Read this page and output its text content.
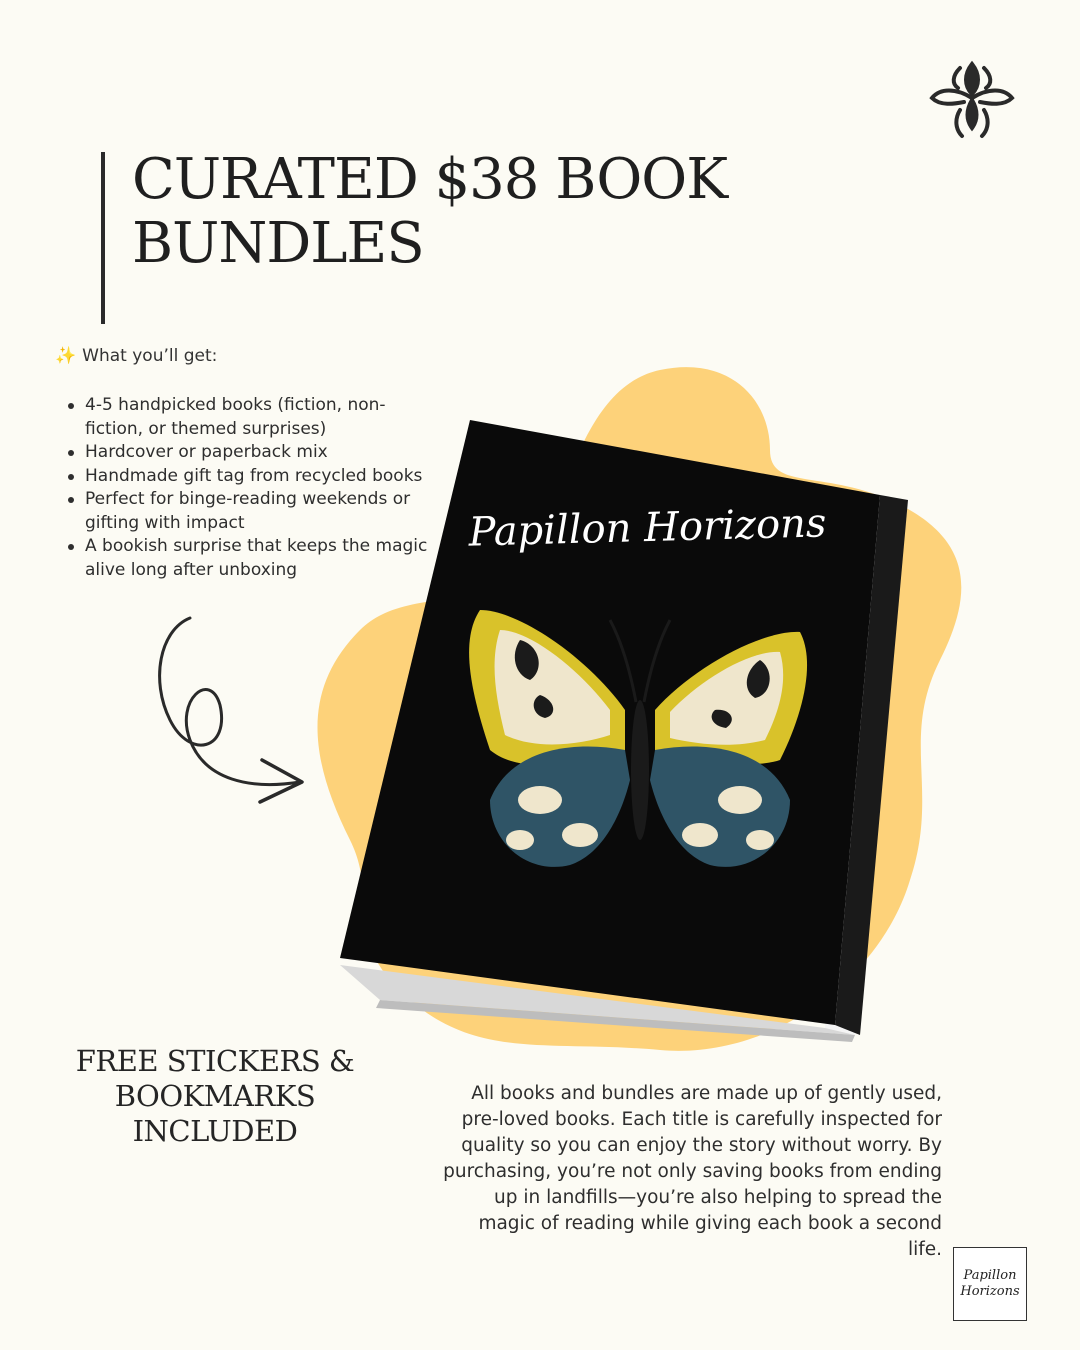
CURATED $38 BOOK BUNDLES
✨ What you’ll get:
4-5 handpicked books (fiction, non-fiction, or themed surprises)
Hardcover or paperback mix
Handmade gift tag from recycled books
Perfect for binge-reading weekends or gifting with impact
A bookish surprise that keeps the magic alive long after unboxing
Papillon Horizons
FREE STICKERS & BOOKMARKS INCLUDED

All books and bundles are made up of gently used, pre-loved books. Each title is carefully inspected for quality so you can enjoy the story without worry. By purchasing, you’re not only saving books from ending up in landfills—you’re also helping to spread the magic of reading while giving each book a second life.

Papillon
Horizons
